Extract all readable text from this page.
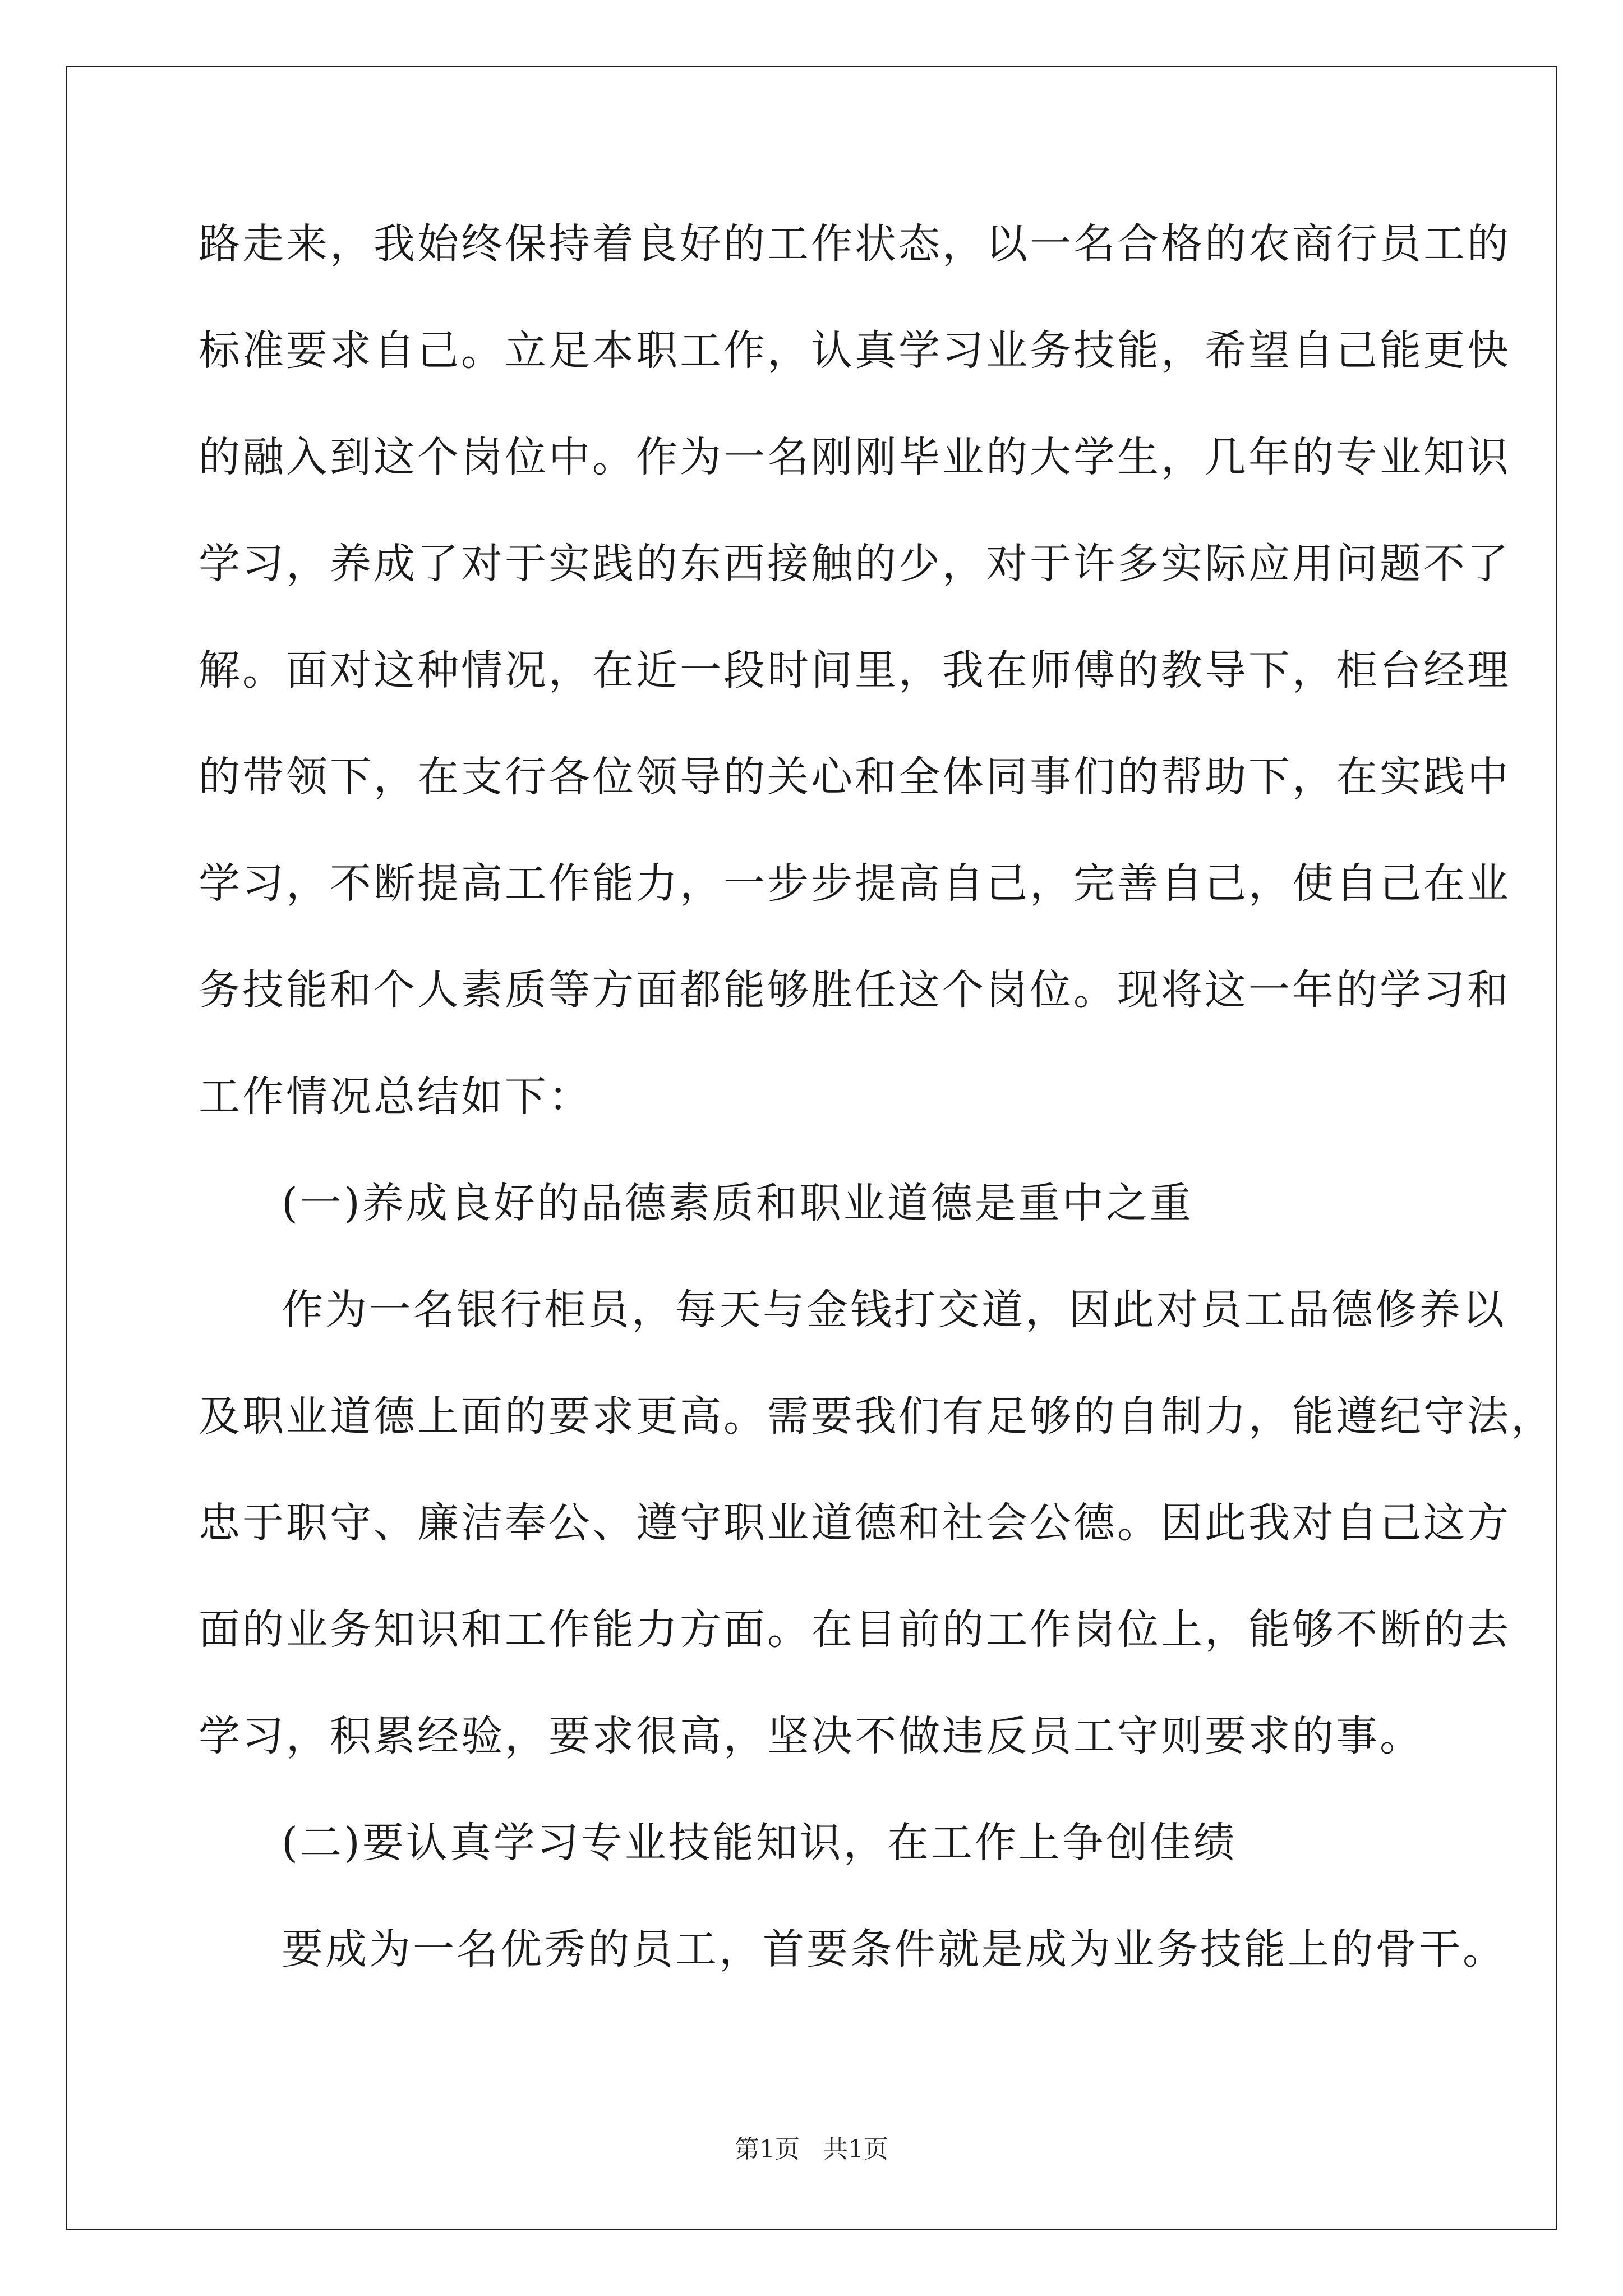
路走来，我始终保持着良好的工作状态，以一名合格的农商行员工的
标准要求自己。立足本职工作，认真学习业务技能，希望自己能更快
的融入到这个岗位中。作为一名刚刚毕业的大学生，几年的专业知识
学习，养成了对于实践的东西接触的少，对于许多实际应用问题不了
解。面对这种情况，在近一段时间里，我在师傅的教导下，柜台经理
的带领下，在支行各位领导的关心和全体同事们的帮助下，在实践中
学习，不断提高工作能力，一步步提高自己，完善自己，使自己在业
务技能和个人素质等方面都能够胜任这个岗位。现将这一年的学习和
工作情况总结如下：
(一)养成良好的品德素质和职业道德是重中之重
作为一名银行柜员，每天与金钱打交道，因此对员工品德修养以
及职业道德上面的要求更高。需要我们有足够的自制力，能遵纪守法，
忠于职守、廉洁奉公、遵守职业道德和社会公德。因此我对自己这方
面的业务知识和工作能力方面。在目前的工作岗位上，能够不断的去
学习，积累经验，要求很高，坚决不做违反员工守则要求的事。
(二)要认真学习专业技能知识，在工作上争创佳绩
要成为一名优秀的员工，首要条件就是成为业务技能上的骨干。
第1页   共1页
